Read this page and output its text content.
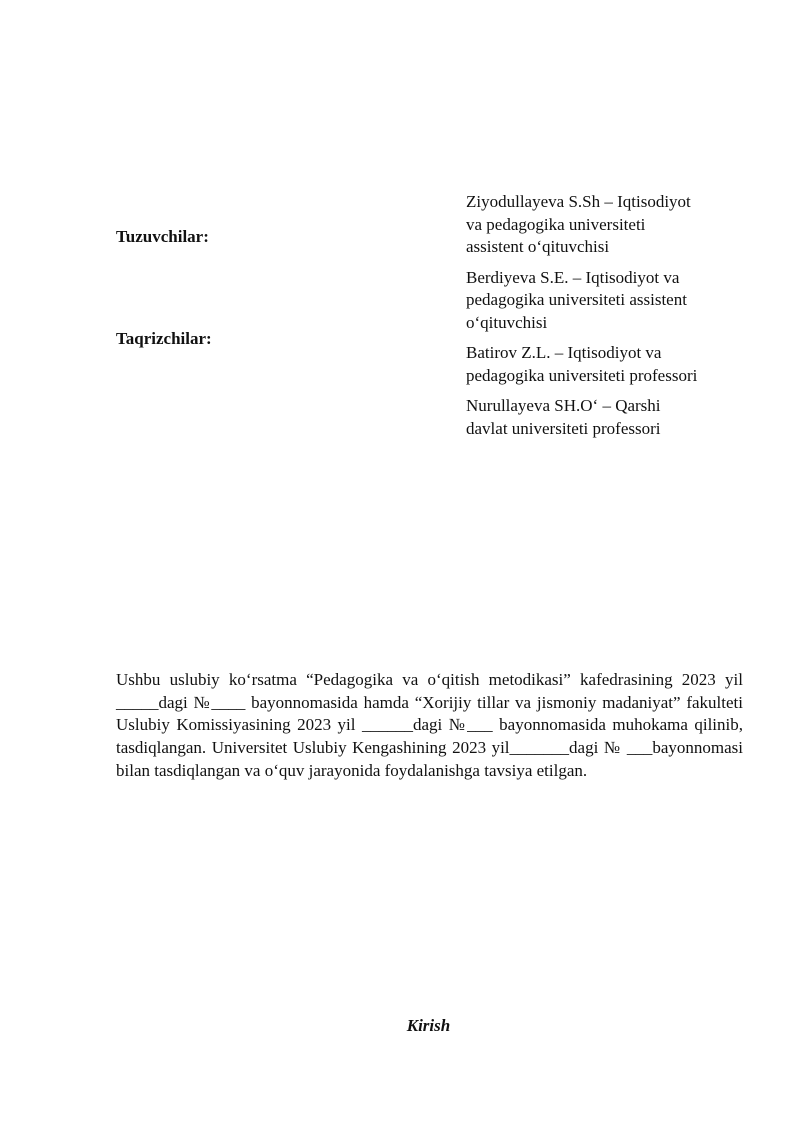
Tuzuvchilar:
Taqrizchilar:
Ziyodullayeva S.Sh – Iqtisodiyot
va pedagogika universiteti
assistent o‘qituvchisi
Berdiyeva S.E. – Iqtisodiyot va
pedagogika universiteti assistent
o‘qituvchisi
Batirov Z.L. – Iqtisodiyot va
pedagogika universiteti professori
Nurullayeva SH.O‘ – Qarshi
davlat universiteti professori
Ushbu uslubiy ko‘rsatma “Pedagogika va o‘qitish metodikasi” kafedrasining 2023 yil _____dagi №____ bayonnomasida hamda “Xorijiy tillar va jismoniy madaniyat” fakulteti Uslubiy Komissiyasining 2023 yil ______dagi №___ bayonnomasida muhokama qilinib, tasdiqlangan. Universitet Uslubiy Kengashining 2023 yil_______dagi № ___bayonnomasi bilan tasdiqlangan va o‘quv jarayonida foydalanishga tavsiya etilgan.
Kirish
